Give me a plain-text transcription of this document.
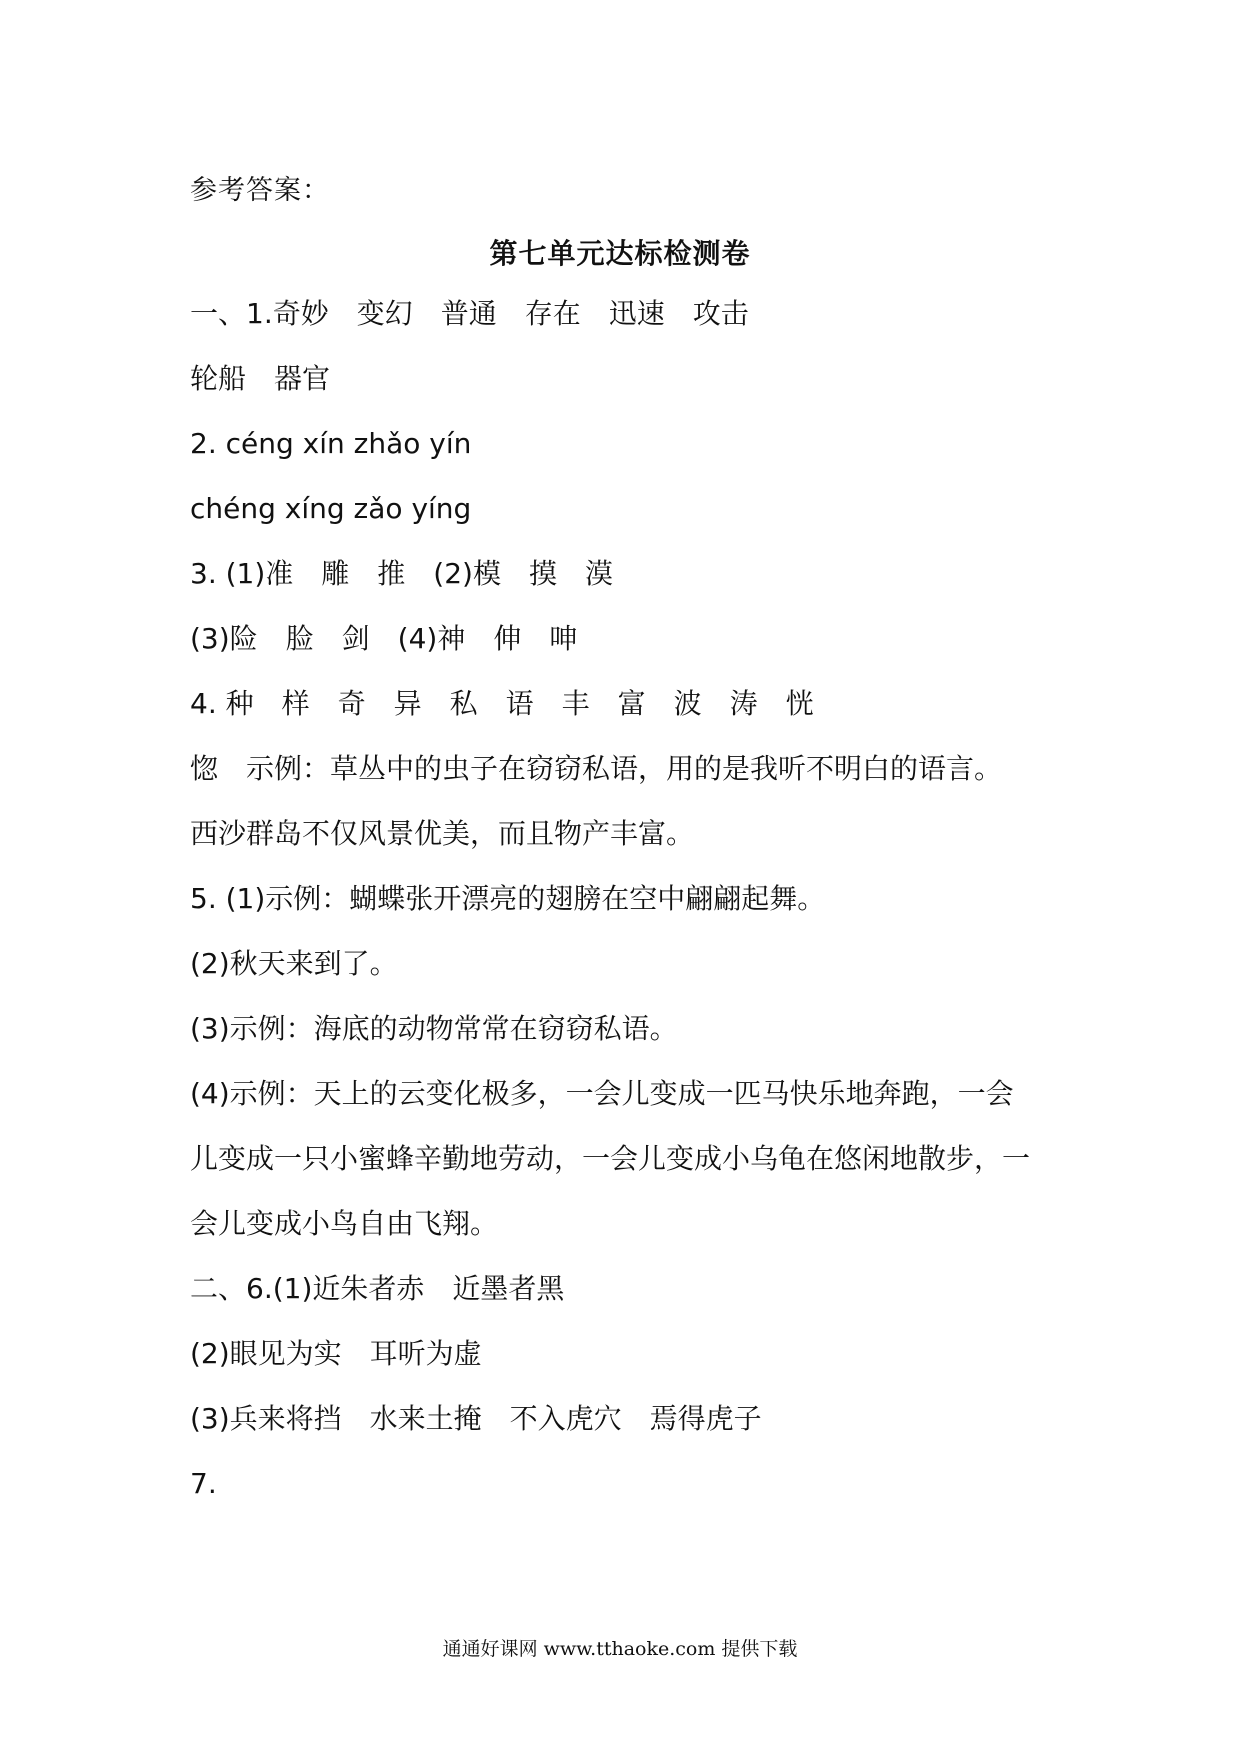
参考答案：
第七单元达标检测卷
一、1.奇妙　变幻　普通　存在　迅速　攻击
轮船　器官
2. céng xín zhǎo yín
chéng xíng zǎo yíng
3. (1)准　雕　推　(2)模　摸　漠
(3)险　脸　剑　(4)神　伸　呻
4. 种　样　奇　异　私　语　丰　富　波　涛　恍
惚　示例：草丛中的虫子在窃窃私语，用的是我听不明白的语言。
西沙群岛不仅风景优美，而且物产丰富。
5. (1)示例：蝴蝶张开漂亮的翅膀在空中翩翩起舞。
(2)秋天来到了。
(3)示例：海底的动物常常在窃窃私语。
(4)示例：天上的云变化极多，一会儿变成一匹马快乐地奔跑，一会
儿变成一只小蜜蜂辛勤地劳动，一会儿变成小乌龟在悠闲地散步，一
会儿变成小鸟自由飞翔。
二、6.(1)近朱者赤　近墨者黑
(2)眼见为实　耳听为虚
(3)兵来将挡　水来土掩　不入虎穴　焉得虎子
7.
通通好课网 www.tthaoke.com 提供下载
